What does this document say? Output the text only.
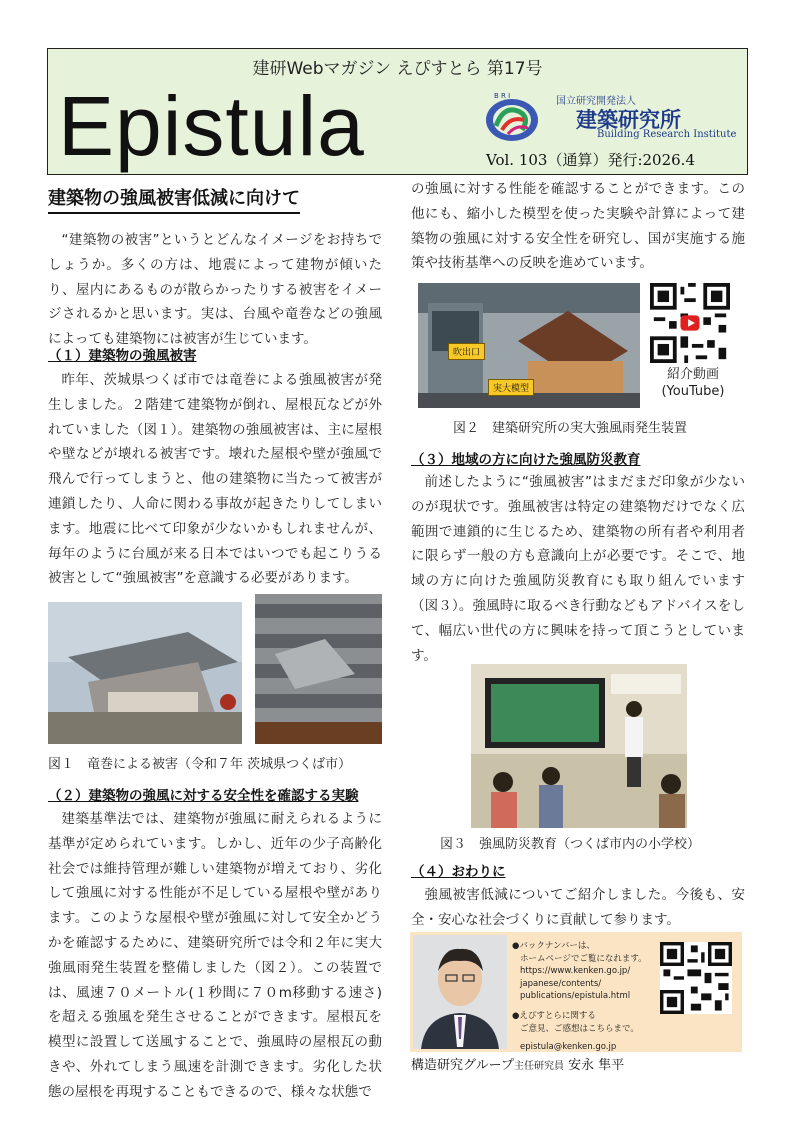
建研Webマガジン えぴすとら 第17号
Epistula	B R I	国立研究開発法人
建築研究所
Building Research Institute
Vol. 103（通算）発行:2026.4
建築物の強風被害低減に向けて

“建築物の被害”というとどんなイメージをお持ちでしょうか。多くの方は、地震によって建物が傾いたり、屋内にあるものが散らかったりする被害をイメージされるかと思います。実は、台風や竜巻などの強風によっても建築物には被害が生じています。

（１）建築物の強風被害

昨年、茨城県つくば市では竜巻による強風被害が発生しました。２階建て建築物が倒れ、屋根瓦などが外れていました（図１）。建築物の強風被害は、主に屋根や壁などが壊れる被害です。壊れた屋根や壁が強風で飛んで行ってしまうと、他の建築物に当たって被害が連鎖したり、人命に関わる事故が起きたりしてしまいます。地震に比べて印象が少ないかもしれませんが、毎年のように台風が来る日本ではいつでも起こりうる被害として“強風被害”を意識する必要があります。

図１　竜巻による被害（令和７年 茨城県つくば市）
（２）建築物の強風に対する安全性を確認する実験

建築基準法では、建築物が強風に耐えられるように基準が定められています。しかし、近年の少子高齢化社会では維持管理が難しい建築物が増えており、劣化して強風に対する性能が不足している屋根や壁があります。このような屋根や壁が強風に対して安全かどうかを確認するために、建築研究所では令和２年に実大強風雨発生装置を整備しました（図２）。この装置では、風速７０メートル(１秒間に７０m移動する速さ)を超える強風を発生させることができます。屋根瓦を模型に設置して送風することで、強風時の屋根瓦の動きや、外れてしまう風速を計測できます。劣化した状態の屋根を再現することもできるので、様々な状態で

の強風に対する性能を確認することができます。この他にも、縮小した模型を使った実験や計算によって建築物の強風に対する安全性を研究し、国が実施する施策や技術基準への反映を進めています。

吹出口
実大模型
紹介動画
(YouTube)
図２　建築研究所の実大強風雨発生装置
（３）地域の方に向けた強風防災教育

前述したように“強風被害”はまだまだ印象が少ないのが現状です。強風被害は特定の建築物だけでなく広範囲で連鎖的に生じるため、建築物の所有者や利用者に限らず一般の方も意識向上が必要です。そこで、地域の方に向けた強風防災教育にも取り組んでいます（図３）。強風時に取るべき行動などもアドバイスをして、幅広い世代の方に興味を持って頂こうとしています。

図３　強風防災教育（つくば市内の小学校）
（４）おわりに

強風被害低減についてご紹介しました。今後も、安全・安心な社会づくりに貢献して参ります。

●バックナンバーは、
ホームページでご覧になれます。
https://www.kenken.go.jp/
japanese/contents/
publications/epistula.html
●えぴすとらに関する
ご意見、ご感想はこちらまで。
epistula@kenken.go.jp
構造研究グループ主任研究員 安永 隼平
